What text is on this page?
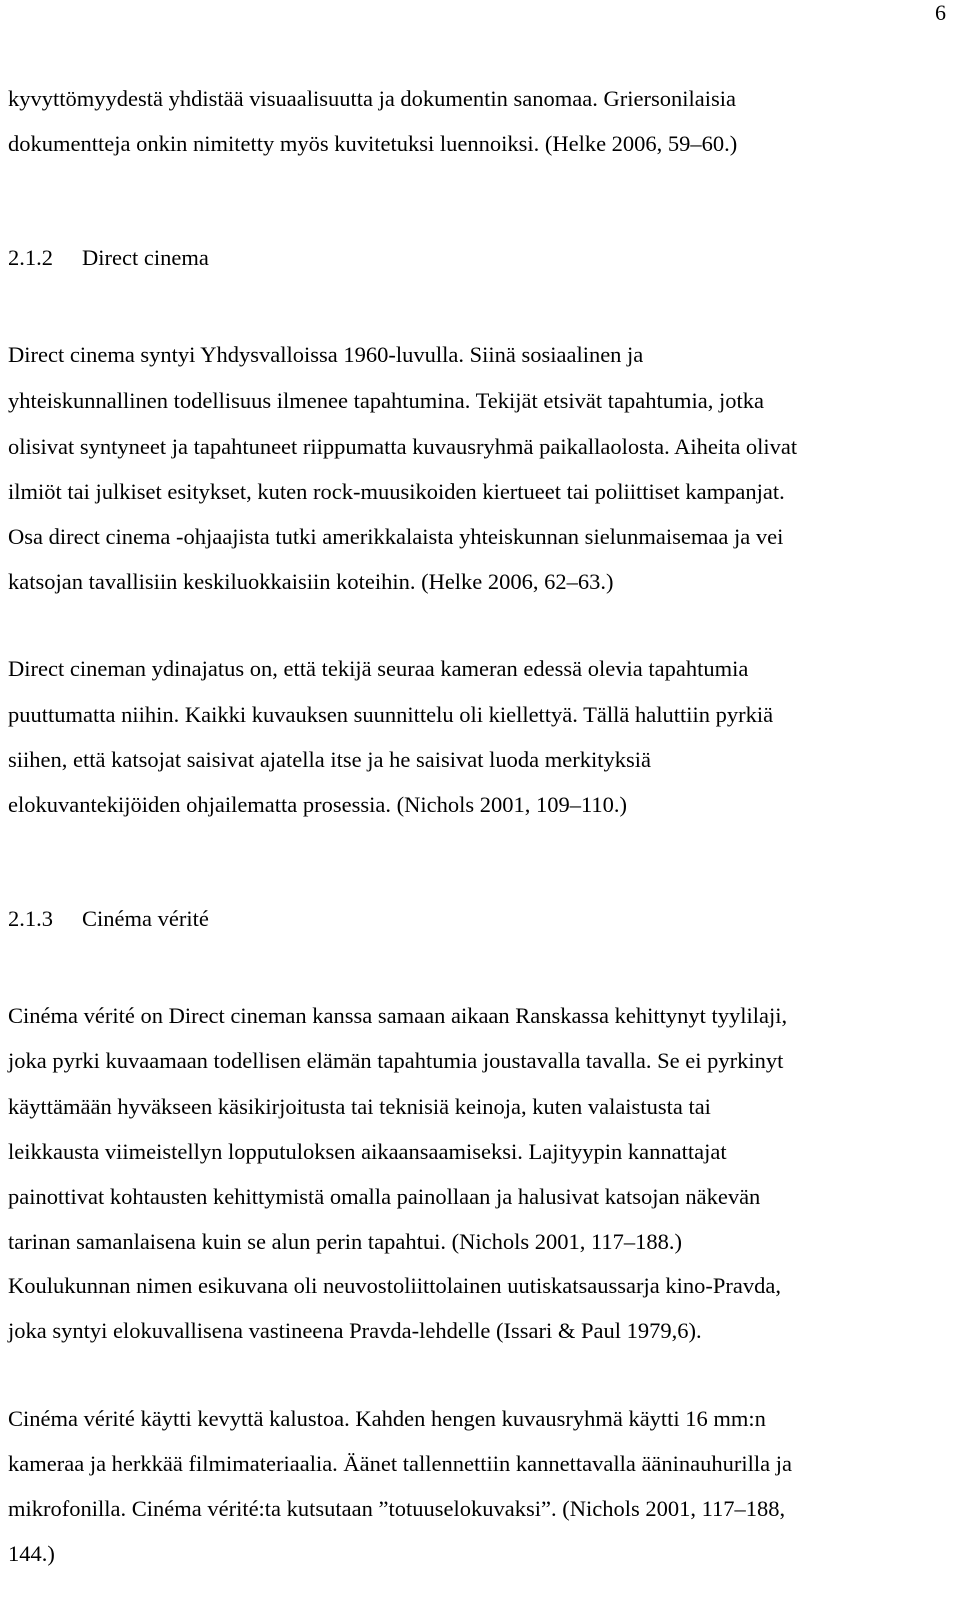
6
kyvyttömyydestä yhdistää visuaalisuutta ja dokumentin sanomaa. Griersonilaisia
dokumentteja onkin nimitetty myös kuvitetuksi luennoiksi. (Helke 2006, 59–60.)
2.1.2 Direct cinema
Direct cinema syntyi Yhdysvalloissa 1960-luvulla. Siinä sosiaalinen ja
yhteiskunnallinen todellisuus ilmenee tapahtumina. Tekijät etsivät tapahtumia, jotka
olisivat syntyneet ja tapahtuneet riippumatta kuvausryhmä paikallaolosta. Aiheita olivat
ilmiöt tai julkiset esitykset, kuten rock-muusikoiden kiertueet tai poliittiset kampanjat.
Osa direct cinema -ohjaajista tutki amerikkalaista yhteiskunnan sielunmaisemaa ja vei
katsojan tavallisiin keskiluokkaisiin koteihin. (Helke 2006, 62–63.)
Direct cineman ydinajatus on, että tekijä seuraa kameran edessä olevia tapahtumia
puuttumatta niihin. Kaikki kuvauksen suunnittelu oli kiellettyä. Tällä haluttiin pyrkiä
siihen, että katsojat saisivat ajatella itse ja he saisivat luoda merkityksiä
elokuvantekijöiden ohjailematta prosessia. (Nichols 2001, 109–110.)
2.1.3 Cinéma vérité
Cinéma vérité on Direct cineman kanssa samaan aikaan Ranskassa kehittynyt tyylilaji,
joka pyrki kuvaamaan todellisen elämän tapahtumia joustavalla tavalla. Se ei pyrkinyt
käyttämään hyväkseen käsikirjoitusta tai teknisiä keinoja, kuten valaistusta tai
leikkausta viimeistellyn lopputuloksen aikaansaamiseksi. Lajityypin kannattajat
painottivat kohtausten kehittymistä omalla painollaan ja halusivat katsojan näkevän
tarinan samanlaisena kuin se alun perin tapahtui. (Nichols 2001, 117–188.)
Koulukunnan nimen esikuvana oli neuvostoliittolainen uutiskatsaussarja kino-Pravda,
joka syntyi elokuvallisena vastineena Pravda-lehdelle (Issari & Paul 1979,6).
Cinéma vérité käytti kevyttä kalustoa. Kahden hengen kuvausryhmä käytti 16 mm:n
kameraa ja herkkää filmimateriaalia. Äänet tallennettiin kannettavalla ääninauhurilla ja
mikrofonilla. Cinéma vérité:ta kutsutaan ”totuuselokuvaksi”. (Nichols 2001, 117–188,
144.)
